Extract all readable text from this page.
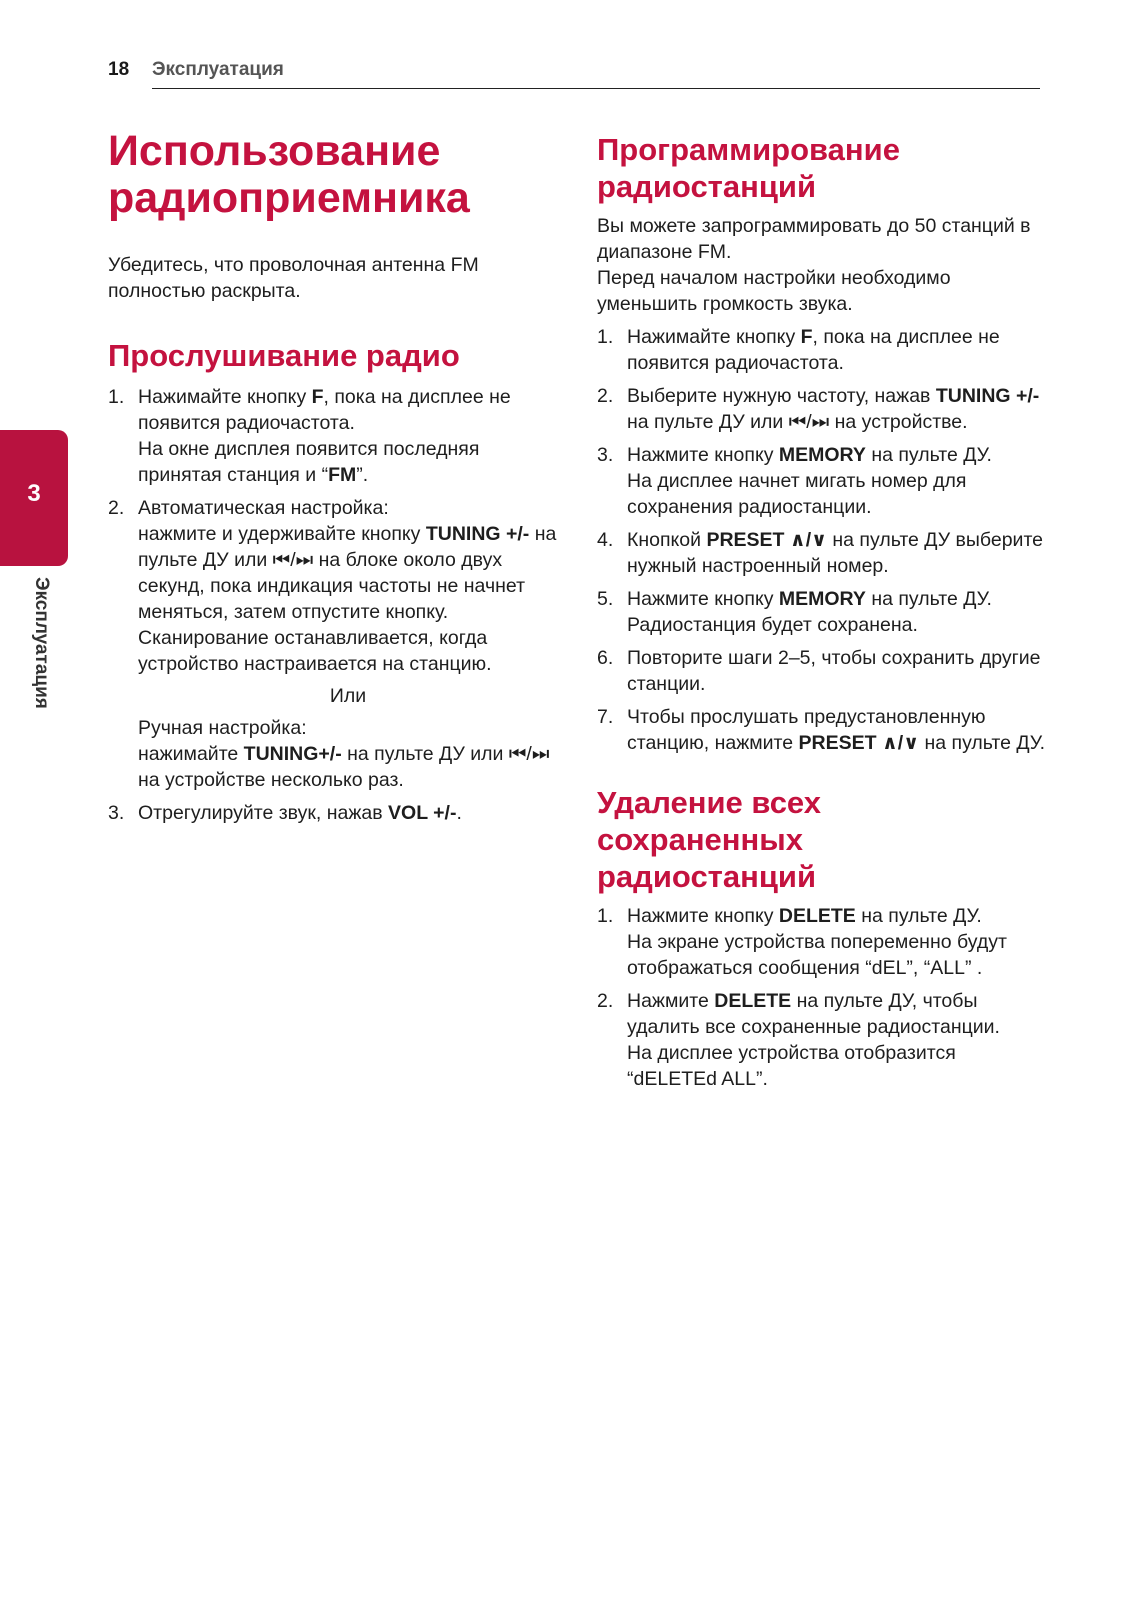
18 Эксплуатация
3
Эксплуатация
Использование радиоприемника

Убедитесь, что проволочная антенна FM полностью раскрыта.

Прослушивание радио
1. Нажимайте кнопку F, пока на дисплее не появится радиочастота.
На окне дисплея появится последняя принятая станция и “FM”.
2. Автоматическая настройка:
нажмите и удерживайте кнопку TUNING +/- на пульте ДУ или ⏮/⏭ на блоке около двух секунд, пока индикация частоты не начнет меняться, затем отпустите кнопку. Сканирование останавливается, когда устройство настраивается на станцию.
Или
Ручная настройка:
нажимайте TUNING+/- на пульте ДУ или ⏮/⏭ на устройстве несколько раз.
3. Отрегулируйте звук, нажав VOL +/-.
Программирование радиостанций

Вы можете запрограммировать до 50 станций в диапазоне FM.

Перед началом настройки необходимо уменьшить громкость звука.

1. Нажимайте кнопку F, пока на дисплее не появится радиочастота.
2. Выберите нужную частоту, нажав TUNING +/-на пульте ДУ или ⏮/⏭ на устройстве.
3. Нажмите кнопку MEMORY на пульте ДУ.
На дисплее начнет мигать номер для сохранения радиостанции.
4. Кнопкой PRESET ∧/∨ на пульте ДУ выберите нужный настроенный номер.
5. Нажмите кнопку MEMORY на пульте ДУ.
Радиостанция будет сохранена.
6. Повторите шаги 2–5, чтобы сохранить другие станции.
7. Чтобы прослушать предустановленную станцию, нажмите PRESET ∧/∨ на пульте ДУ.
Удаление всех сохраненных радиостанций
1. Нажмите кнопку DELETE на пульте ДУ.
На экране устройства попеременно будут отображаться сообщения “dEL”, “ALL” .
2. Нажмите DELETE на пульте ДУ, чтобы удалить все сохраненные радиостанции.
На дисплее устройства отобразится “dELETEd ALL”.
